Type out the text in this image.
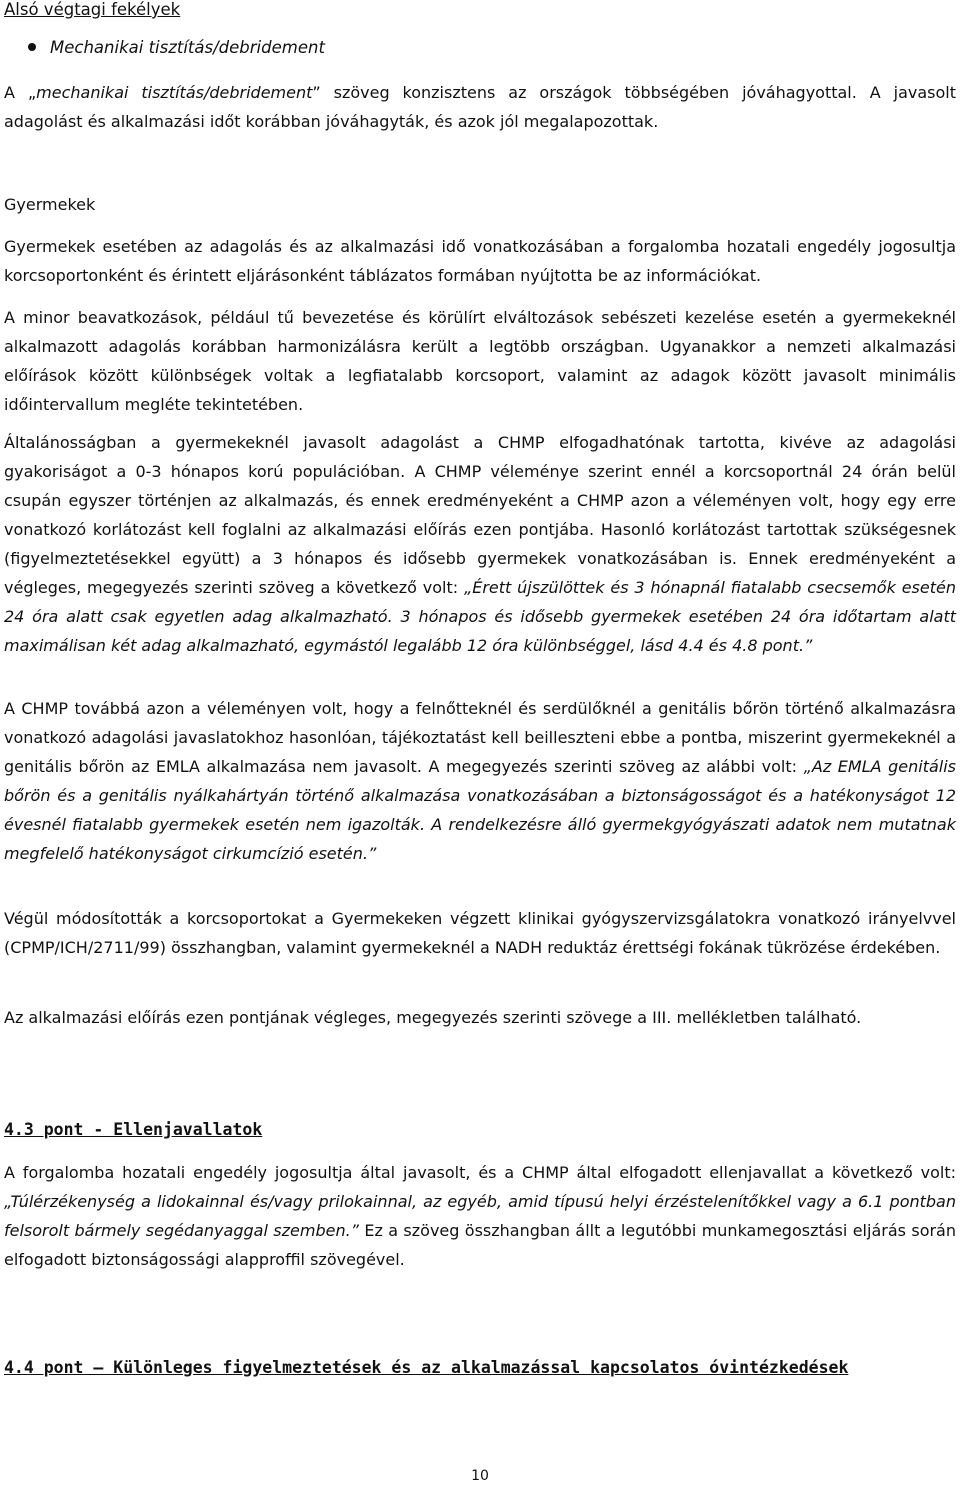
Alsó végtagi fekélyek
Mechanikai tisztítás/debridement
A „mechanikai tisztítás/debridement” szöveg konzisztens az országok többségében jóváhagyottal. A javasolt adagolást és alkalmazási időt korábban jóváhagyták, és azok jól megalapozottak.
Gyermekek
Gyermekek esetében az adagolás és az alkalmazási idő vonatkozásában a forgalomba hozatali engedély jogosultja korcsoportonként és érintett eljárásonként táblázatos formában nyújtotta be az információkat.
A minor beavatkozások, például tű bevezetése és körülírt elváltozások sebészeti kezelése esetén a gyermekeknél alkalmazott adagolás korábban harmonizálásra került a legtöbb országban. Ugyanakkor a nemzeti alkalmazási előírások között különbségek voltak a legfiatalabb korcsoport, valamint az adagok között javasolt minimális időintervallum megléte tekintetében.
Általánosságban a gyermekeknél javasolt adagolást a CHMP elfogadhatónak tartotta, kivéve az adagolási gyakoriságot a 0-3 hónapos korú populációban. A CHMP véleménye szerint ennél a korcsoportnál 24 órán belül csupán egyszer történjen az alkalmazás, és ennek eredményeként a CHMP azon a véleményen volt, hogy egy erre vonatkozó korlátozást kell foglalni az alkalmazási előírás ezen pontjába. Hasonló korlátozást tartottak szükségesnek (figyelmeztetésekkel együtt) a 3 hónapos és idősebb gyermekek vonatkozásában is. Ennek eredményeként a végleges, megegyezés szerinti szöveg a következő volt: „Érett újszülöttek és 3 hónapnál fiatalabb csecsemők esetén 24 óra alatt csak egyetlen adag alkalmazható. 3 hónapos és idősebb gyermekek esetében 24 óra időtartam alatt maximálisan két adag alkalmazható, egymástól legalább 12 óra különbséggel, lásd 4.4 és 4.8 pont.”
A CHMP továbbá azon a véleményen volt, hogy a felnőtteknél és serdülőknél a genitális bőrön történő alkalmazásra vonatkozó adagolási javaslatokhoz hasonlóan, tájékoztatást kell beilleszteni ebbe a pontba, miszerint gyermekeknél a genitális bőrön az EMLA alkalmazása nem javasolt. A megegyezés szerinti szöveg az alábbi volt: „Az EMLA genitális bőrön és a genitális nyálkahártyán történő alkalmazása vonatkozásában a biztonságosságot és a hatékonyságot 12 évesnél fiatalabb gyermekek esetén nem igazolták. A rendelkezésre álló gyermekgyógyászati adatok nem mutatnak megfelelő hatékonyságot cirkumcízió esetén.”
Végül módosították a korcsoportokat a Gyermekeken végzett klinikai gyógyszervizsgálatokra vonatkozó irányelvvel (CPMP/ICH/2711/99) összhangban, valamint gyermekeknél a NADH reduktáz érettségi fokának tükrözése érdekében.
Az alkalmazási előírás ezen pontjának végleges, megegyezés szerinti szövege a III. mellékletben található.
4.3 pont - Ellenjavallatok
A forgalomba hozatali engedély jogosultja által javasolt, és a CHMP által elfogadott ellenjavallat a következő volt: „Túlérzékenység a lidokainnal és/vagy prilokainnal, az egyéb, amid típusú helyi érzéstelenítőkkel vagy a 6.1 pontban felsorolt bármely segédanyaggal szemben.” Ez a szöveg összhangban állt a legutóbbi munkamegosztási eljárás során elfogadott biztonságossági alapproffil szövegével.
4.4 pont — Különleges figyelmeztetések és az alkalmazással kapcsolatos óvintézkedések
10
